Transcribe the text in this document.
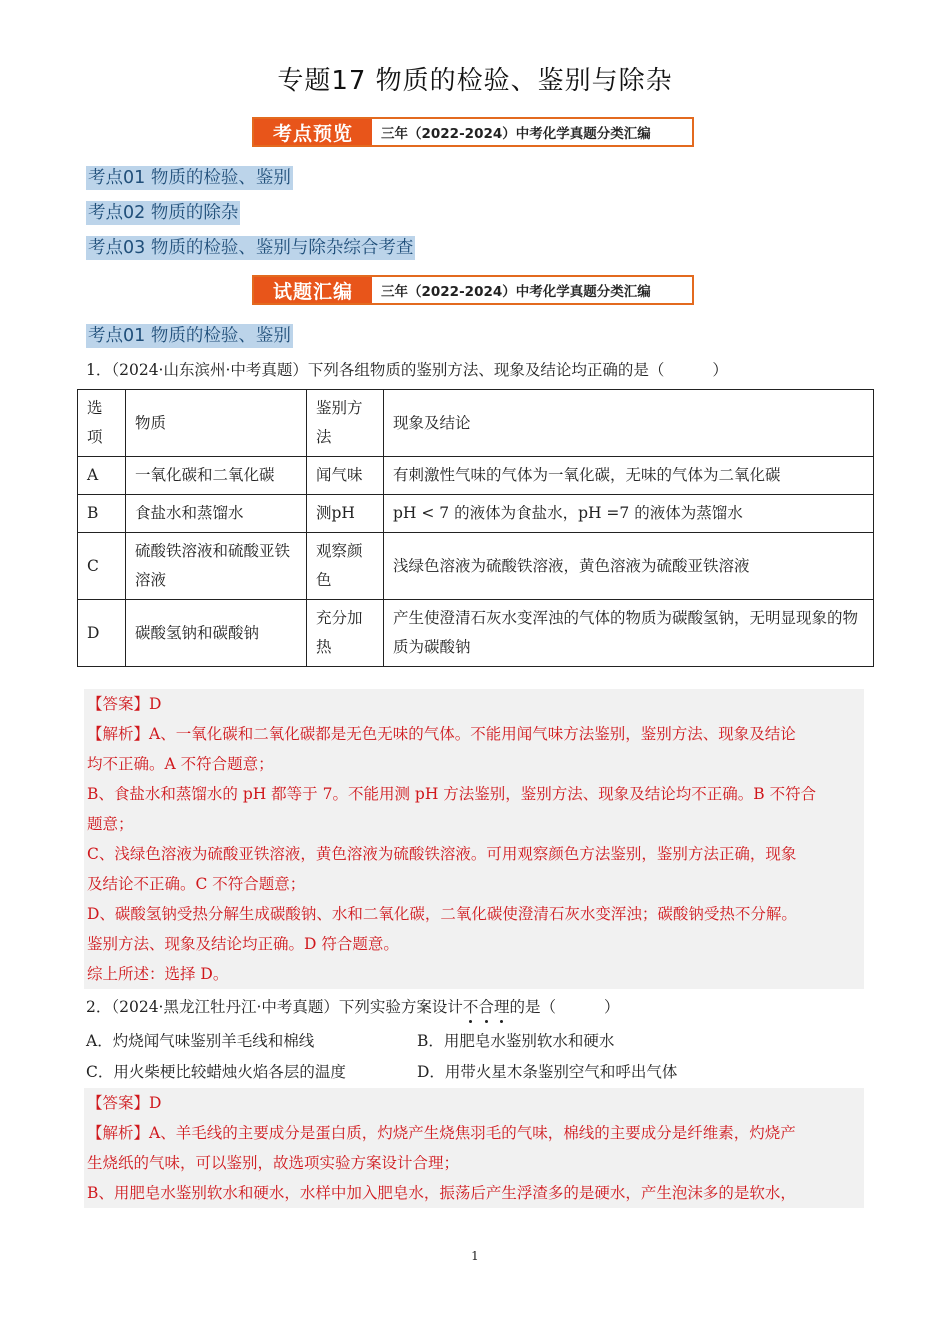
专题17 物质的检验、鉴别与除杂
考点预览	三年（2022-2024）中考化学真题分类汇编
考点01 物质的检验、鉴别
考点02 物质的除杂
考点03 物质的检验、鉴别与除杂综合考查
试题汇编	三年（2022-2024）中考化学真题分类汇编
考点01 物质的检验、鉴别
1．（2024·山东滨州·中考真题）下列各组物质的鉴别方法、现象及结论均正确的是（	）
选项	物质	鉴别方法	现象及结论
A	一氧化碳和二氧化碳	闻气味	有刺激性气味的气体为一氧化碳，无味的气体为二氧化碳
B	食盐水和蒸馏水	测pH	pH < 7 的液体为食盐水，pH =7 的液体为蒸馏水
C	硫酸铁溶液和硫酸亚铁溶液	观察颜色	浅绿色溶液为硫酸铁溶液，黄色溶液为硫酸亚铁溶液
D	碳酸氢钠和碳酸钠	充分加热	产生使澄清石灰水变浑浊的气体的物质为碳酸氢钠，无明显现象的物质为碳酸钠

【答案】D

【解析】A、一氧化碳和二氧化碳都是无色无味的气体。不能用闻气味方法鉴别，鉴别方法、现象及结论

均不正确。A 不符合题意；

B、食盐水和蒸馏水的 pH 都等于 7。不能用测 pH 方法鉴别，鉴别方法、现象及结论均不正确。B 不符合

题意；

C、浅绿色溶液为硫酸亚铁溶液，黄色溶液为硫酸铁溶液。可用观察颜色方法鉴别，鉴别方法正确，现象

及结论不正确。C 不符合题意；

D、碳酸氢钠受热分解生成碳酸钠、水和二氧化碳，二氧化碳使澄清石灰水变浑浊；碳酸钠受热不分解。

鉴别方法、现象及结论均正确。D 符合题意。

综上所述：选择 D。

2．（2024·黑龙江牡丹江·中考真题）下列实验方案设计不合理的是（	）
A．灼烧闻气味鉴别羊毛线和棉线	B．用肥皂水鉴别软水和硬水
C．用火柴梗比较蜡烛火焰各层的温度	D．用带火星木条鉴别空气和呼出气体

【答案】D

【解析】A、羊毛线的主要成分是蛋白质，灼烧产生烧焦羽毛的气味，棉线的主要成分是纤维素，灼烧产

生烧纸的气味，可以鉴别，故选项实验方案设计合理；

B、用肥皂水鉴别软水和硬水，水样中加入肥皂水，振荡后产生浮渣多的是硬水，产生泡沫多的是软水，

1
